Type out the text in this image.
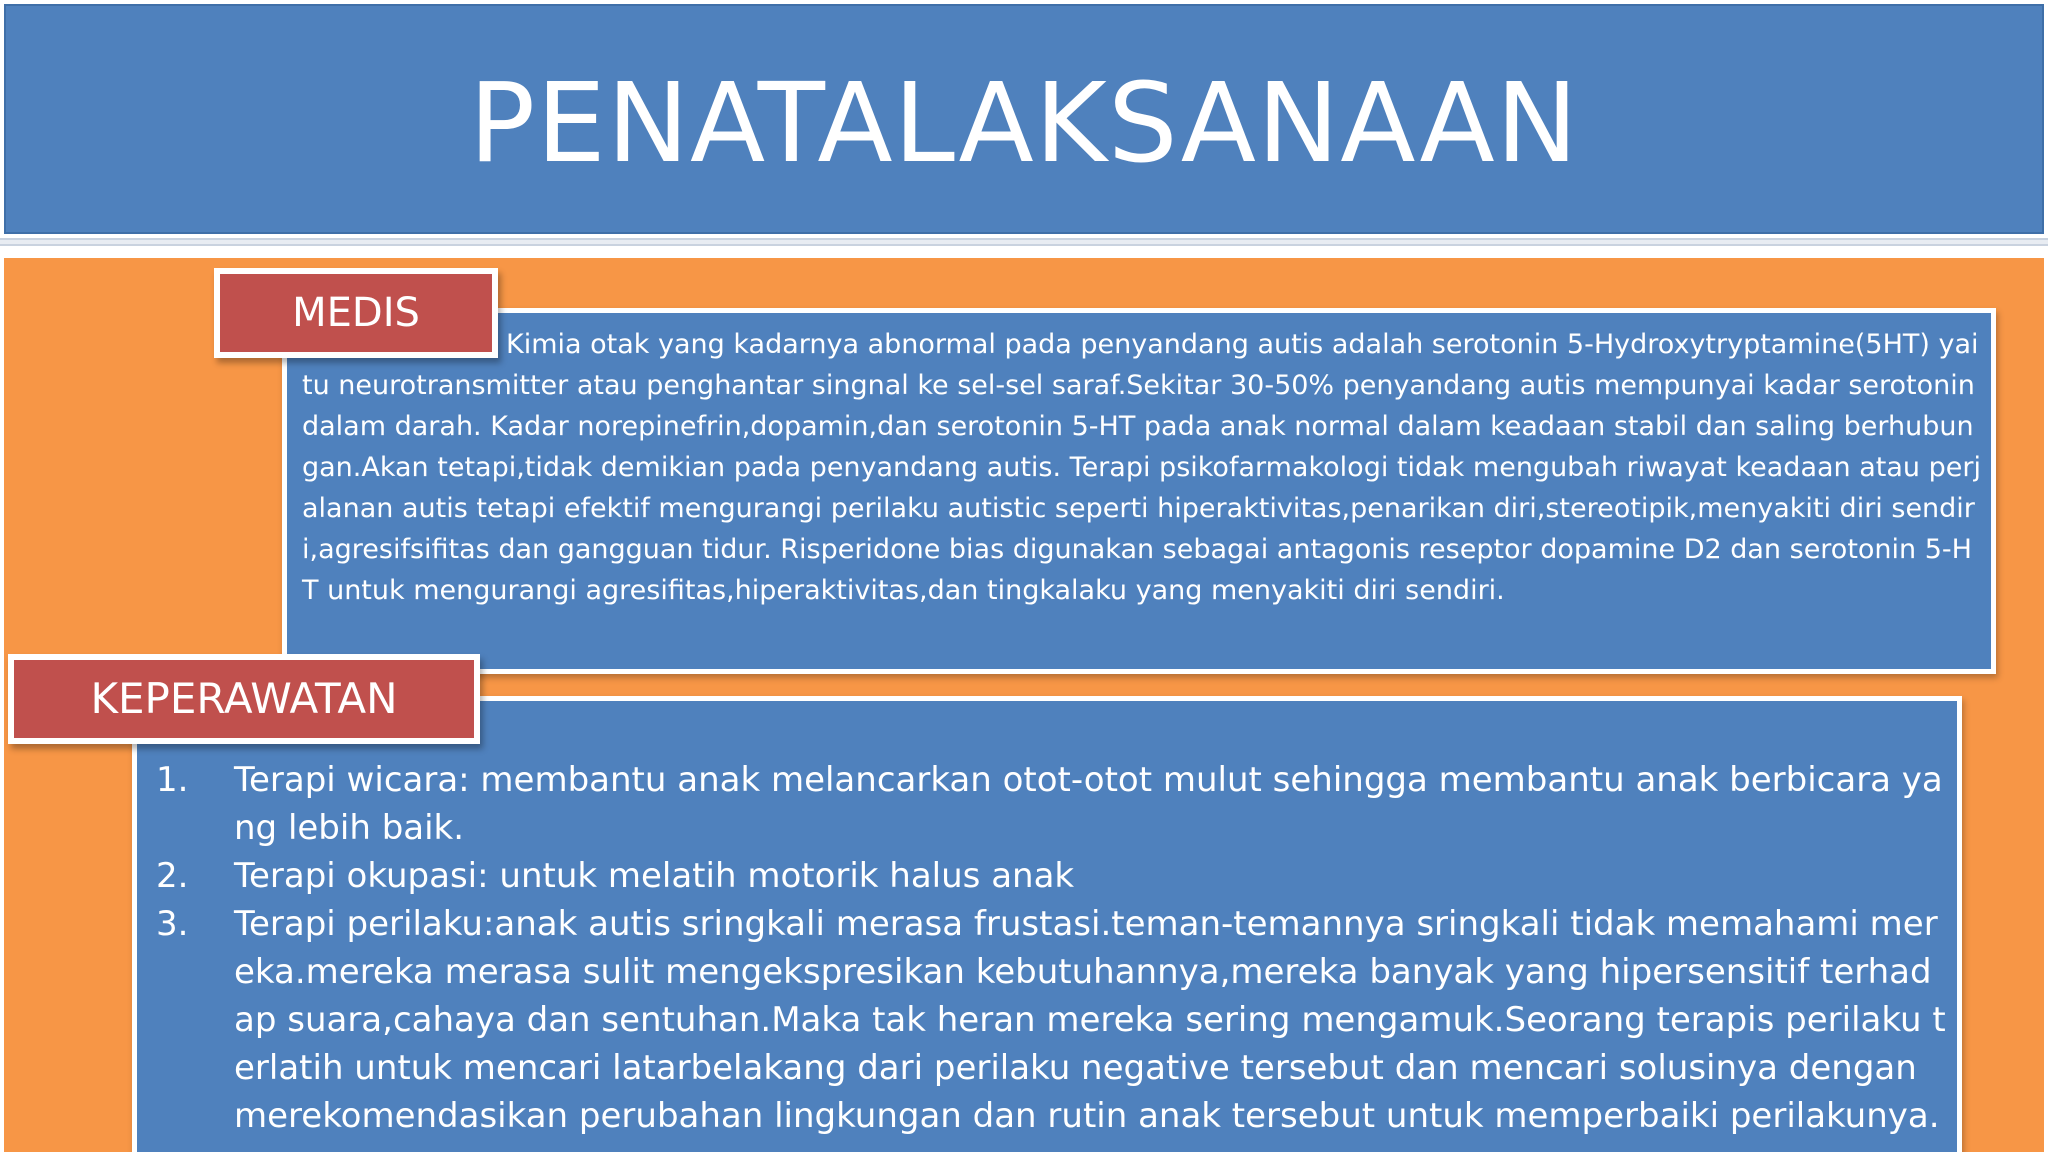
PENATALAKSANAAN
Kimia otak yang kadarnya abnormal pada penyandang autis adalah serotonin 5-Hydroxytryptamine(5HT) yaitu neurotransmitter atau penghantar singnal ke sel-sel saraf.Sekitar 30-50% penyandang autis mempunyai kadar serotonin dalam darah. Kadar norepinefrin,dopamin,dan serotonin 5-HT pada anak normal dalam keadaan stabil dan saling berhubungan.Akan tetapi,tidak demikian pada penyandang autis. Terapi psikofarmakologi tidak mengubah riwayat keadaan atau perjalanan autis tetapi efektif mengurangi perilaku autistic seperti hiperaktivitas,penarikan diri,stereotipik,menyakiti diri sendiri,agresifsifitas dan gangguan tidur. Risperidone bias digunakan sebagai antagonis reseptor dopamine D2 dan serotonin 5-HT untuk mengurangi agresifitas,hiperaktivitas,dan tingkalaku yang menyakiti diri sendiri.
MEDIS
1. Terapi wicara: membantu anak melancarkan otot-otot mulut sehingga membantu anak berbicara yang lebih baik.
2. Terapi okupasi: untuk melatih motorik halus anak
3. Terapi perilaku:anak autis sringkali merasa frustasi.teman-temannya sringkali tidak memahami mereka.mereka merasa sulit mengekspresikan kebutuhannya,mereka banyak yang hipersensitif terhadap suara,cahaya dan sentuhan.Maka tak heran mereka sering mengamuk.Seorang terapis perilaku terlatih untuk mencari latarbelakang dari perilaku negative tersebut dan mencari solusinya dengan merekomendasikan perubahan lingkungan dan rutin anak tersebut untuk memperbaiki perilakunya.
KEPERAWATAN
